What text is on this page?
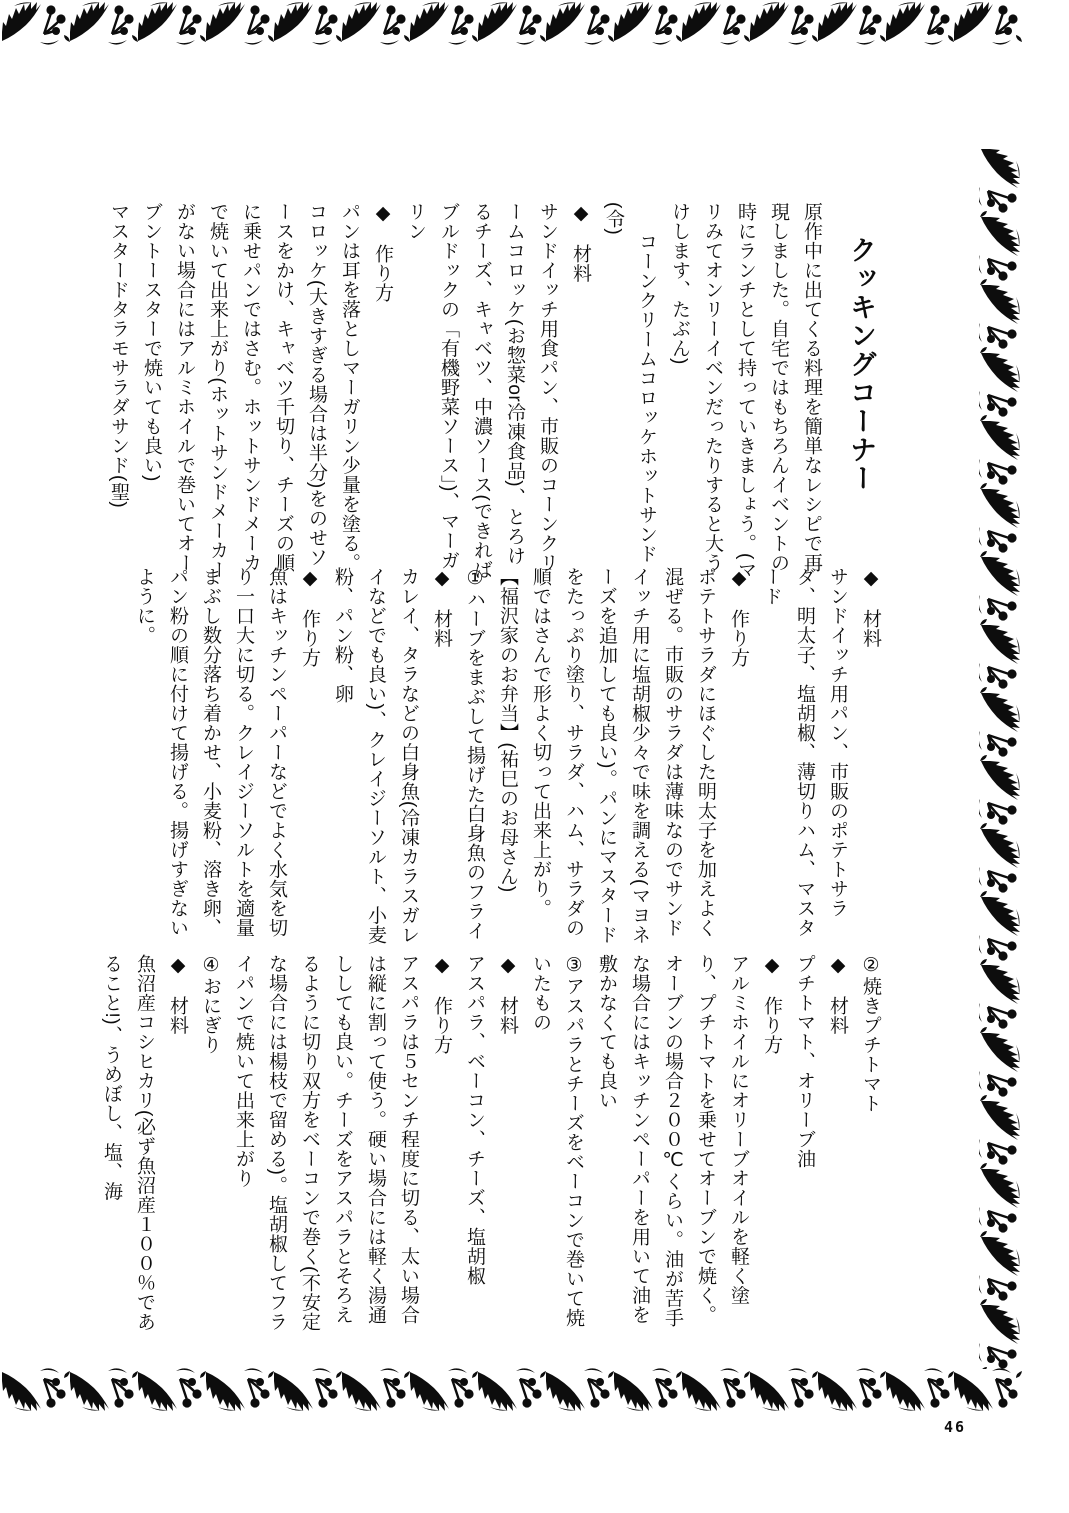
クッキングコーナー

原作中に出てくる料理を簡単なレシピで再現しました。自宅ではもちろんイベントの時にランチとして持っていきましょう。(マリみてオンリーイベンだったりすると大うけします、たぶん)

コーンクリームコロッケホットサンド(令)

◆　材料

サンドイッチ用食パン、市販のコーンクリームコロッケ(お惣菜or冷凍食品)、とろけるチーズ、キャベツ、中濃ソース(できればブルドックの「有機野菜ソース」)、マーガリン

◆　作り方

パンは耳を落としマーガリン少量を塗る。コロッケ(大きすぎる場合は半分)をのせソースをかけ、キャベツ千切り、チーズの順に乗せパンではさむ。ホットサンドメーカで焼いて出来上がり(ホットサンドメーカーがない場合にはアルミホイルで巻いてオーブントースターで焼いても良い)

マスタードタラモサラダサンド(聖)

◆　材料

サンドイッチ用パン、市販のポテトサラダ、明太子、塩胡椒、薄切りハム、マスタード

◆　作り方

ポテトサラダにほぐした明太子を加えよく混ぜる。市販のサラダは薄味なのでサンドイッチ用に塩胡椒少々で味を調える(マヨネーズを追加しても良い)。パンにマスタードをたっぷり塗り、サラダ、ハム、サラダの順ではさんで形よく切って出来上がり。

【福沢家のお弁当】(祐巳のお母さん)
①ハーブをまぶして揚げた白身魚のフライ

◆　材料

カレイ、タラなどの白身魚(冷凍カラスガレイなどでも良い)、クレイジーソルト、小麦粉、パン粉、卵

◆　作り方

魚はキッチンペーパーなどでよく水気を切り一口大に切る。クレイジーソルトを適量まぶし数分落ち着かせ、小麦粉、溶き卵、パン粉の順に付けて揚げる。揚げすぎないように。

②焼きプチトマト

◆　材料

プチトマト、オリーブ油

◆　作り方

アルミホイルにオリーブオイルを軽く塗り、プチトマトを乗せてオーブンで焼く。オーブンの場合２００℃くらい。油が苦手な場合にはキッチンペーパーを用いて油を敷かなくても良い

③アスパラとチーズをベーコンで巻いて焼いたもの

◆　材料

アスパラ、ベーコン、チーズ、塩胡椒

◆　作り方

アスパラは５センチ程度に切る、太い場合は縦に割って使う。硬い場合には軽く湯通ししても良い。チーズをアスパラとそろえるように切り双方をベーコンで巻く(不安定な場合には楊枝で留める)。塩胡椒してフライパンで焼いて出来上がり

④おにぎり

◆　材料

魚沼産コシヒカリ(必ず魚沼産１００％であること!)、うめぼし、塩、海

46
